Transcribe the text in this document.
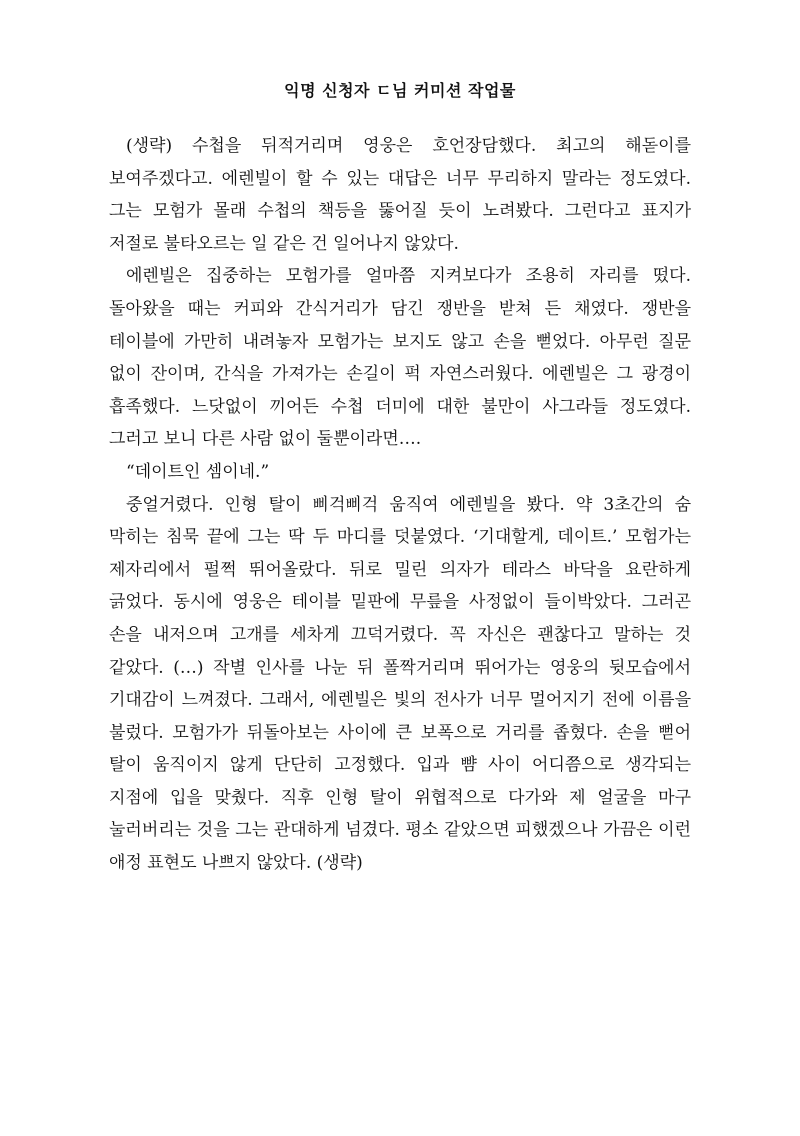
익명 신청자 ㄷ님 커미션 작업물

(생략) 수첩을 뒤적거리며 영웅은 호언장담했다. 최고의 해돋이를 보여주겠다고. 에렌빌이 할 수 있는 대답은 너무 무리하지 말라는 정도였다. 그는 모험가 몰래 수첩의 책등을 뚫어질 듯이 노려봤다. 그런다고 표지가 저절로 불타오르는 일 같은 건 일어나지 않았다.

에렌빌은 집중하는 모험가를 얼마쯤 지켜보다가 조용히 자리를 떴다. 돌아왔을 때는 커피와 간식거리가 담긴 쟁반을 받쳐 든 채였다. 쟁반을 테이블에 가만히 내려놓자 모험가는 보지도 않고 손을 뻗었다. 아무런 질문 없이 잔이며, 간식을 가져가는 손길이 퍽 자연스러웠다. 에렌빌은 그 광경이 흡족했다. 느닷없이 끼어든 수첩 더미에 대한 불만이 사그라들 정도였다. 그러고 보니 다른 사람 없이 둘뿐이라면….

“데이트인 셈이네.”

중얼거렸다. 인형 탈이 삐걱삐걱 움직여 에렌빌을 봤다. 약 3초간의 숨 막히는 침묵 끝에 그는 딱 두 마디를 덧붙였다. ‘기대할게, 데이트.’ 모험가는 제자리에서 펄쩍 뛰어올랐다. 뒤로 밀린 의자가 테라스 바닥을 요란하게 긁었다. 동시에 영웅은 테이블 밑판에 무릎을 사정없이 들이박았다. 그러곤 손을 내저으며 고개를 세차게 끄덕거렸다. 꼭 자신은 괜찮다고 말하는 것 같았다. (…) 작별 인사를 나눈 뒤 폴짝거리며 뛰어가는 영웅의 뒷모습에서 기대감이 느껴졌다. 그래서, 에렌빌은 빛의 전사가 너무 멀어지기 전에 이름을 불렀다. 모험가가 뒤돌아보는 사이에 큰 보폭으로 거리를 좁혔다. 손을 뻗어 탈이 움직이지 않게 단단히 고정했다. 입과 뺨 사이 어디쯤으로 생각되는 지점에 입을 맞췄다. 직후 인형 탈이 위협적으로 다가와 제 얼굴을 마구 눌러버리는 것을 그는 관대하게 넘겼다. 평소 같았으면 피했겠으나 가끔은 이런 애정 표현도 나쁘지 않았다. (생략)
